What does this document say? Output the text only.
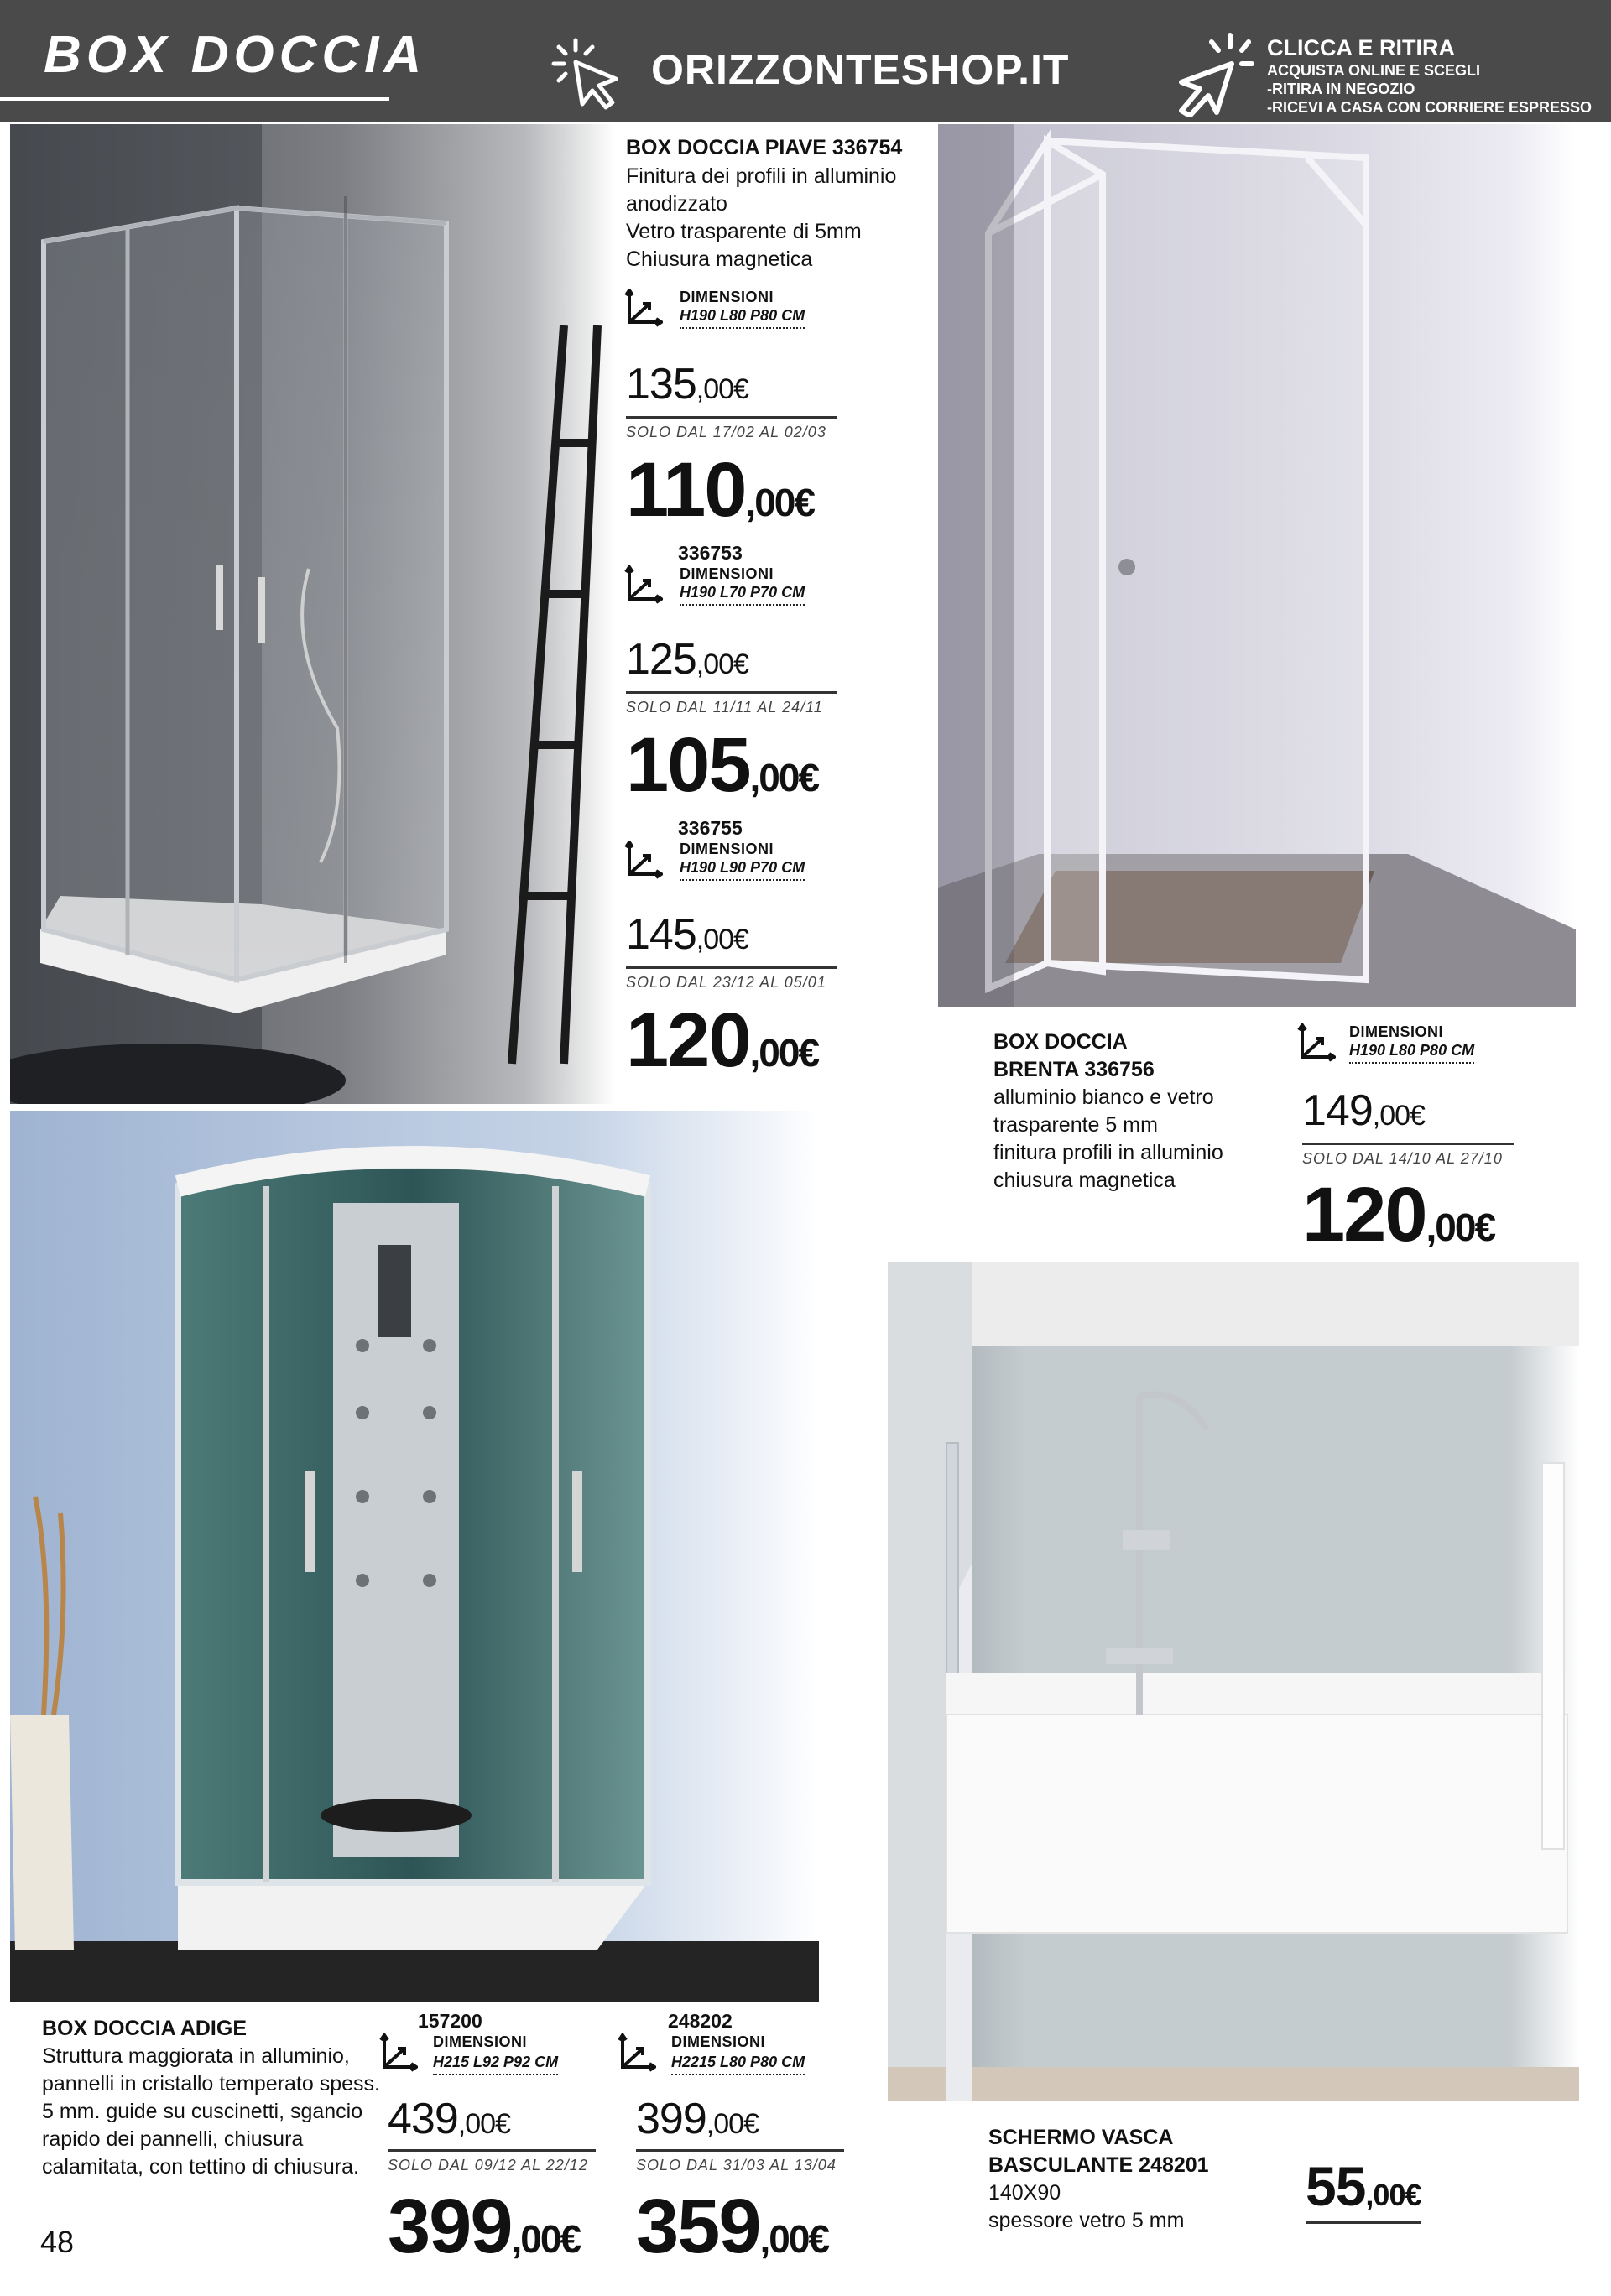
BOX DOCCIA	ORIZZONTESHOP.IT	CLICCA E RITIRA
ACQUISTA ONLINE E SCEGLI
-RITIRA IN NEGOZIO
-RICEVI A CASA CON CORRIERE ESPRESSO
BOX DOCCIA PIAVE 336754
Finitura dei profili in alluminio
anodizzato
Vetro trasparente di 5mm
Chiusura magnetica
DIMENSIONI
H190 L80 P80 CM
135,00€
SOLO DAL 17/02 AL 02/03
110,00€
336753
DIMENSIONI
H190 L70 P70 CM
125,00€
SOLO DAL 11/11 AL 24/11
105,00€
336755
DIMENSIONI
H190 L90 P70 CM
145,00€
SOLO DAL 23/12 AL 05/01
120,00€	BOX DOCCIA
BRENTA 336756
alluminio bianco e vetro
trasparente 5 mm
finitura profili in alluminio
chiusura magnetica
DIMENSIONI
H190 L80 P80 CM
149,00€
SOLO DAL 14/10 AL 27/10
120,00€
BOX DOCCIA ADIGE
Struttura maggiorata in alluminio,
pannelli in cristallo temperato spess.
5 mm. guide su cuscinetti, sgancio
rapido dei pannelli, chiusura
calamitata, con tettino di chiusura.
157200
DIMENSIONI
H215 L92 P92 CM
439,00€
SOLO DAL 09/12 AL 22/12
399,00€
248202
DIMENSIONI
H2215 L80 P80 CM
399,00€
SOLO DAL 31/03 AL 13/04
359,00€
SCHERMO VASCA
BASCULANTE 248201
140X90
spessore vetro 5 mm
55,00€
48
